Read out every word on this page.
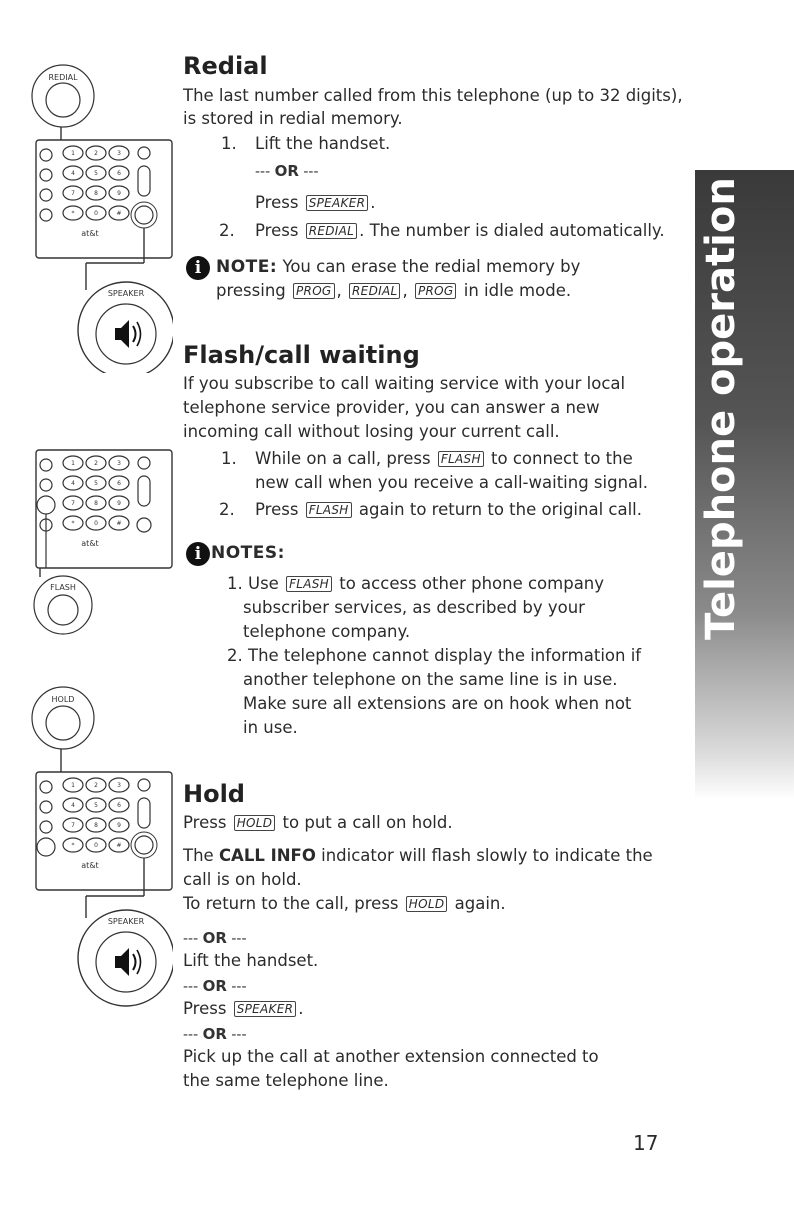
REDIAL
1	2	3
4	5	6
7	8	9
*	0	#
at&t
SPEAKER
1	2	3
4	5	6
7	8	9
*	0	#
at&t
FLASH
HOLD
1	2	3
4	5	6
7	8	9
*	0	#
at&t
SPEAKER
Telephone operation
Redial

The last number called from this telephone (up to 32 digits),

is stored in redial memory.

1. Lift the handset.

--- OR ---

Press SPEAKER .

2. Press REDIAL . The number is dialed automatically.

i NOTE: You can erase the redial memory by

pressing PROG , REDIAL , PROG in idle mode.

Flash/call waiting

If you subscribe to call waiting service with your local

telephone service provider, you can answer a new

incoming call without losing your current call.

1. While on a call, press FLASH to connect to the

new call when you receive a call-waiting signal.

2. Press FLASH again to return to the original call.

i NOTES:

1. Use FLASH to access other phone company

subscriber services, as described by your

telephone company.

2. The telephone cannot display the information if

another telephone on the same line is in use.

Make sure all extensions are on hook when not

in use.

Hold

Press HOLD to put a call on hold.

The CALL INFO indicator will flash slowly to indicate the

call is on hold.

To return to the call, press HOLD again.

--- OR ---

Lift the handset.

--- OR ---

Press SPEAKER .

--- OR ---

Pick up the call at another extension connected to

the same telephone line.

17
